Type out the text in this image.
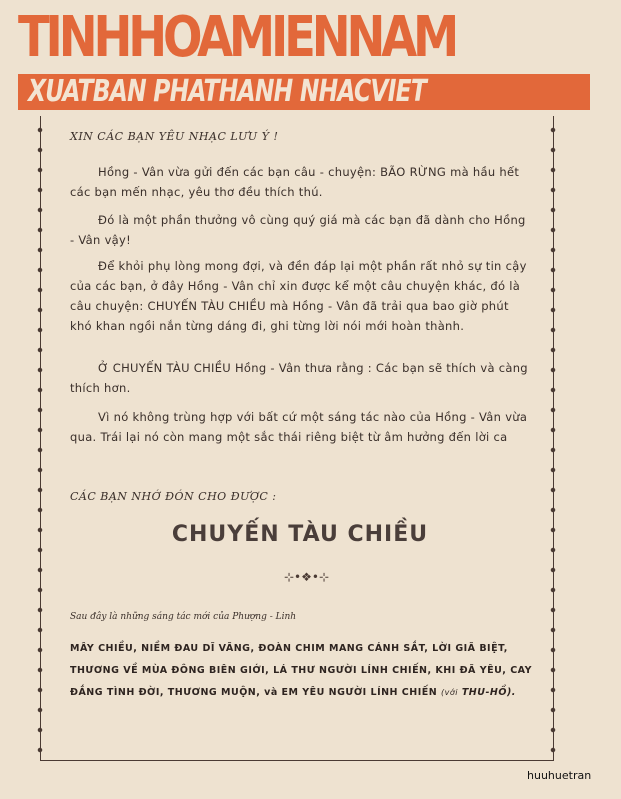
TINHHOAMIENNAM
XUATBAN PHATHANH NHACVIET
XIN CÁC BẠN YÊU NHẠC LƯU Ý !
Hồng - Vân vừa gửi đến các bạn câu - chuyện: BÃO RỪNG mà hầu hết các bạn mến nhạc, yêu thơ đều thích thú.
Đó là một phần thưởng vô cùng quý giá mà các bạn đã dành cho Hồng - Vân vậy!
Để khỏi phụ lòng mong đợi, và đền đáp lại một phần rất nhỏ sự tin cậy của các bạn, ở đây Hồng - Vân chỉ xin được kể một câu chuyện khác, đó là câu chuyện: CHUYẾN TÀU CHIỀU mà Hồng - Vân đã trải qua bao giờ phút khó khan ngồi nắn từng dáng đi, ghi từng lời nói mới hoàn thành.
Ở CHUYẾN TÀU CHIỀU Hồng - Vân thưa rằng : Các bạn sẽ thích và càng thích hơn.
Vì nó không trùng hợp với bất cứ một sáng tác nào của Hồng - Vân vừa qua. Trái lại nó còn mang một sắc thái riêng biệt từ âm hưởng đến lời ca
CÁC BẠN NHỚ ĐÓN CHO ĐƯỢC :
CHUYẾN TÀU CHIỀU
⊹•❖•⊹
Sau đây là những sáng tác mới của Phượng - Linh
MÂY CHIỀU, NIỀM ĐAU DĨ VÃNG, ĐOÀN CHIM MANG CÁNH SẮT, LỜI GIÃ BIỆT, THƯƠNG VỀ MÙA ĐÔNG BIÊN GIỚI, LÁ THƯ NGƯỜI LÍNH CHIẾN, KHI ĐÃ YÊU, CAY ĐẮNG TÌNH ĐỜI, THƯƠNG MUỘN, và EM YÊU NGƯỜI LÍNH CHIẾN (với THU-HỒ).
huuhuetran
